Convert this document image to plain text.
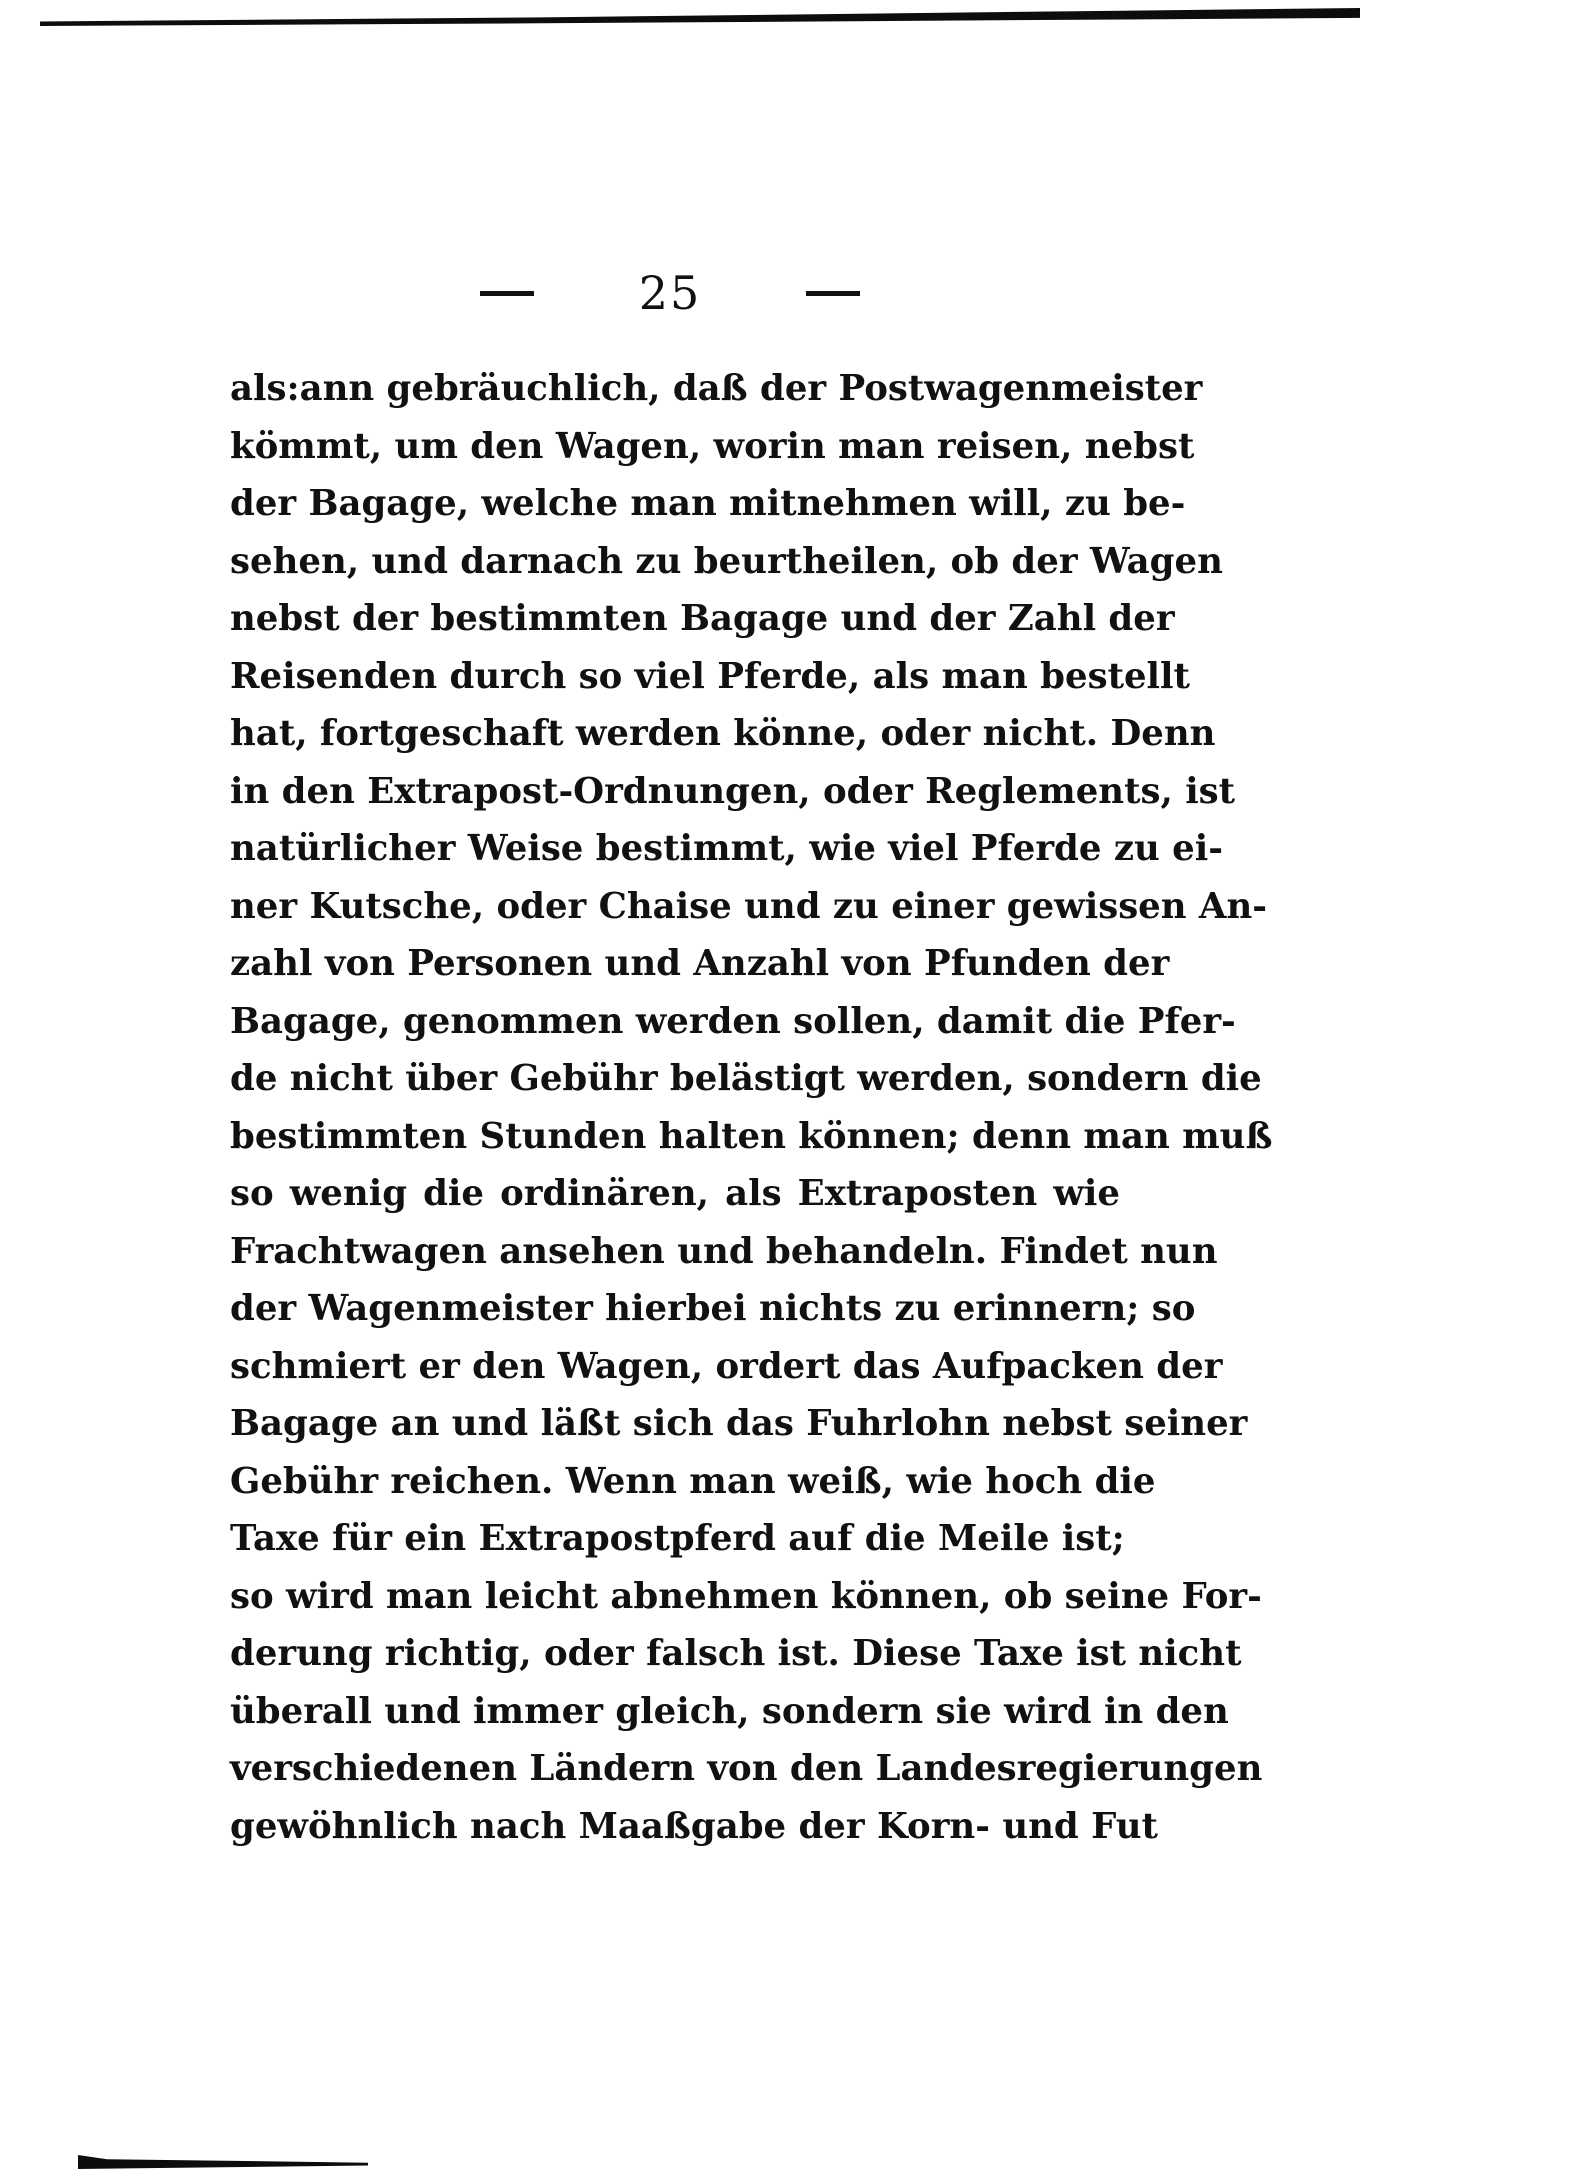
25
als:ann gebräuchlich, daß der Postwagenmeister
kömmt, um den Wagen, worin man reisen, nebst
der Bagage, welche man mitnehmen will, zu be-
sehen, und darnach zu beurtheilen, ob der Wagen
nebst der bestimmten Bagage und der Zahl der
Reisenden durch so viel Pferde, als man bestellt
hat, fortgeschaft werden könne, oder nicht. Denn
in den Extrapost-Ordnungen, oder Reglements, ist
natürlicher Weise bestimmt, wie viel Pferde zu ei-
ner Kutsche, oder Chaise und zu einer gewissen An-
zahl von Personen und Anzahl von Pfunden der
Bagage, genommen werden sollen, damit die Pfer-
de nicht über Gebühr belästigt werden, sondern die
bestimmten Stunden halten können; denn man muß
so wenig die ordinären, als Extraposten wie
Frachtwagen ansehen und behandeln. Findet nun
der Wagenmeister hierbei nichts zu erinnern; so
schmiert er den Wagen, ordert das Aufpacken der
Bagage an und läßt sich das Fuhrlohn nebst seiner
Gebühr reichen. Wenn man weiß, wie hoch die
Taxe für ein Extrapostpferd auf die Meile ist;
so wird man leicht abnehmen können, ob seine For-
derung richtig, oder falsch ist. Diese Taxe ist nicht
überall und immer gleich, sondern sie wird in den
verschiedenen Ländern von den Landesregierungen
gewöhnlich nach Maaßgabe der Korn- und Fut
